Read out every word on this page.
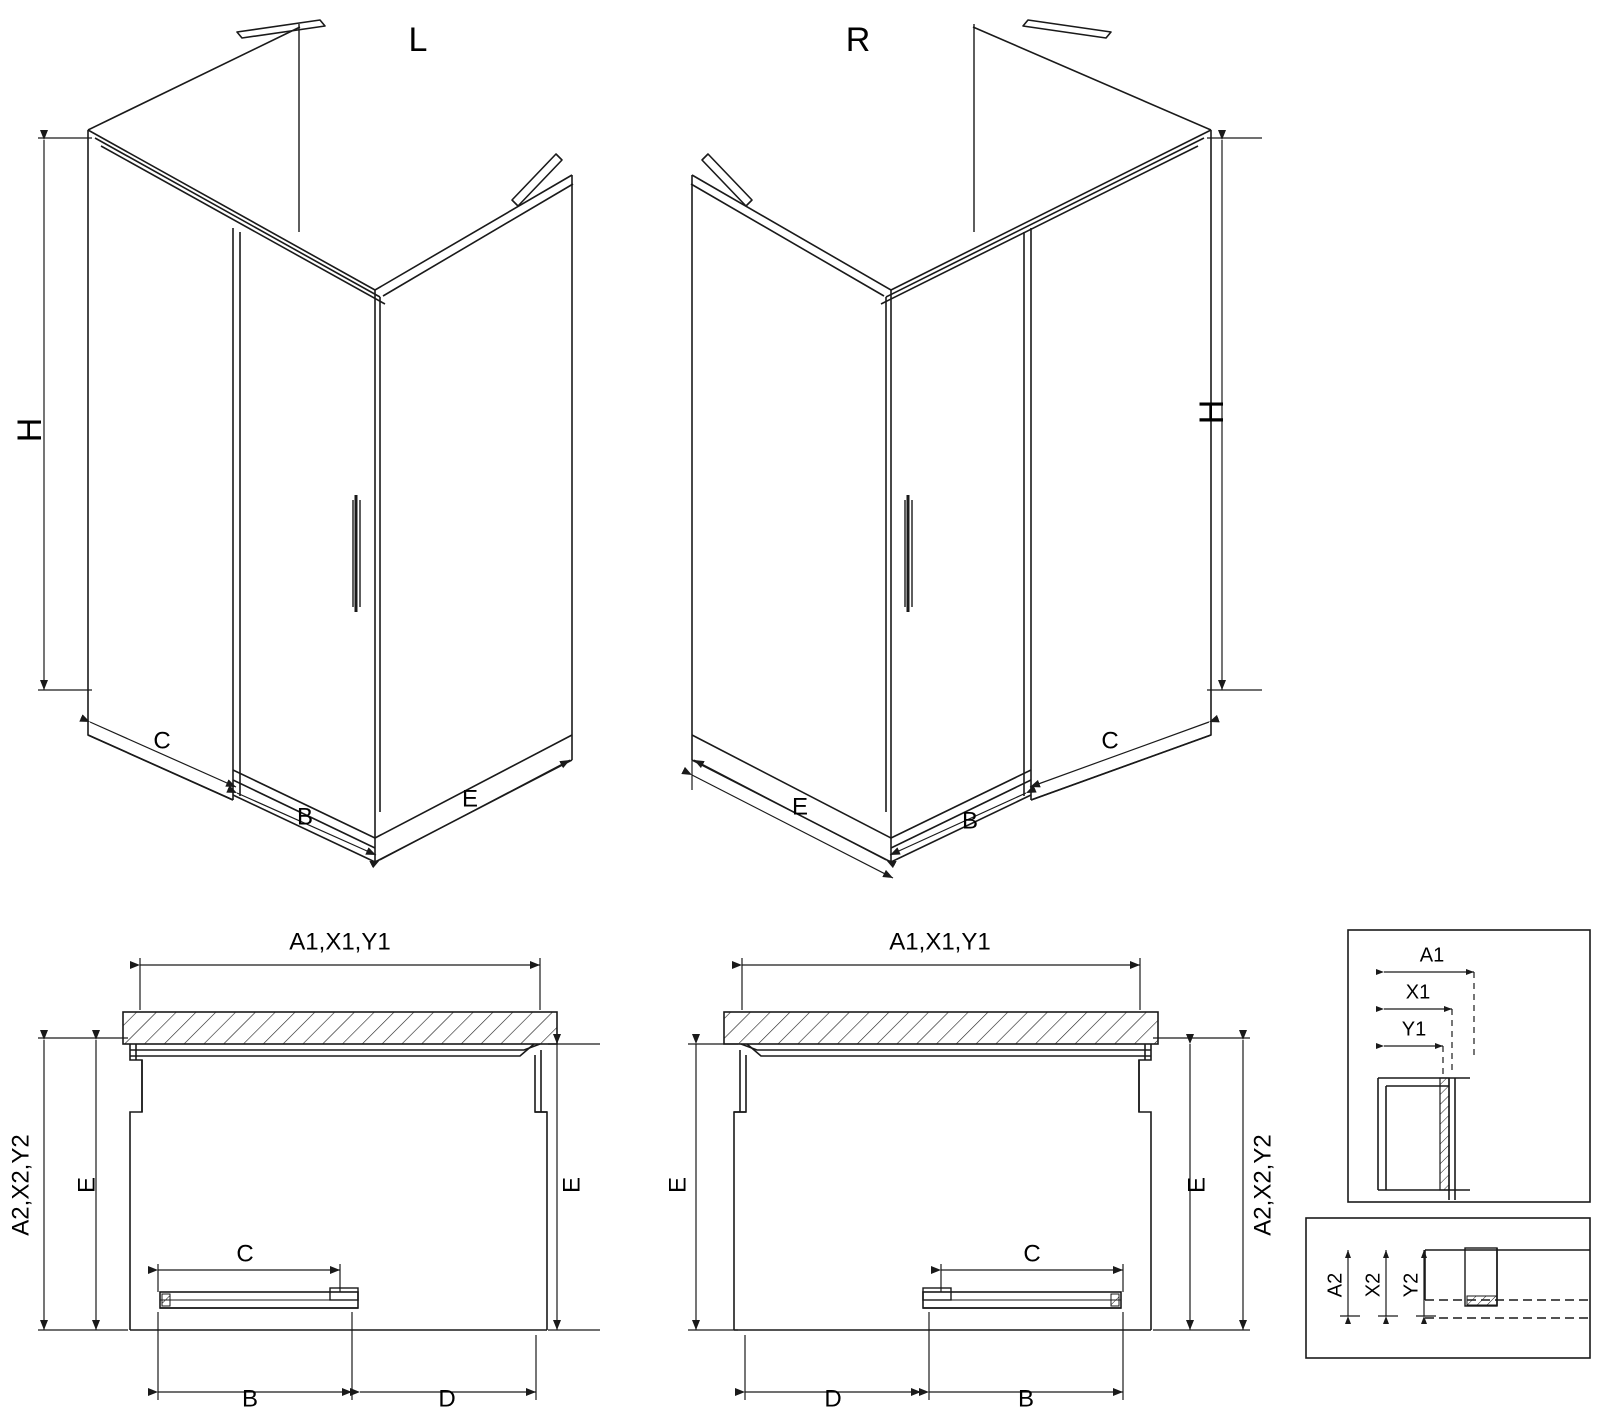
L
H
C
B
E
R
H
C
B
E
A1,X1,Y1
A2,X2,Y2 E	E
C
B	D
A1,X1,Y1
A2,X2,Y2
E
E
C
B
D
A1
X1
Y1
A2 X2 Y2
